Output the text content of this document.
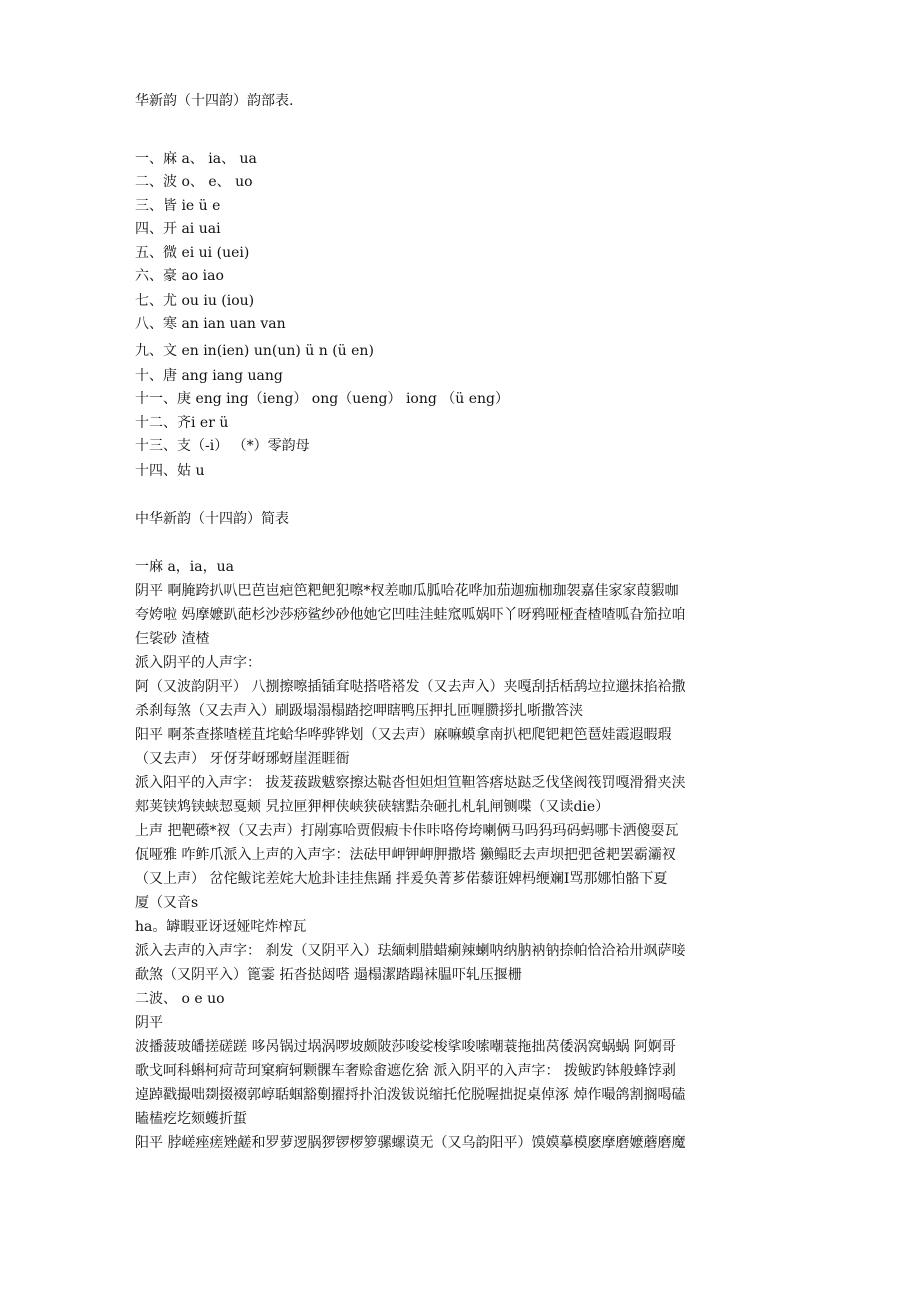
华新韵（十四韵）韵部表.
一、麻 a、 ia、 ua
二、波 o、 e、 uo
三、皆 ie ü e
四、开 ai uai
五、微 ei ui (uei)
六、豪 ao iao
七、尤 ou iu (iou)
八、寒 an ian uan van
九、文 en in(ien) un(un) ü n (ü en)
十、唐 ang iang uang
十一、庚 eng ing（ieng） ong（ueng） iong （ü eng）
十二、齐i er ü
十三、支（-i） （*）零韵母
十四、姑 u
中华新韵（十四韵）简表
一麻 a，ia，ua
阴平 啊腌跨扒叭巴芭岜疤笆粑鲃犯嚓*杈差咖瓜胍哈花哗加茄迦痂枷珈袈嘉佳家家葭貑咖
夸姱啦 妈摩嬷趴葩杉沙莎痧鲨纱砂他她它凹哇洼蛙窊呱娲吓丫呀鸦哑桠査楂喳呱旮笳拉咱
仨裟砂 渣楂
派入阴平的人声字：
阿（又波韵阴平） 八捌擦嚓插锸耷哒搭嗒褡发（又去声入）夹嘎刮括栝鸹垃拉邋抹掐袷撒
杀刹每煞（又去声入）刷趿塌溻榻踏挖呷瞎鸭压押扎匝喱臜拶扎哳撒答浃
阳平 啊茶查搽喳槎苴垞蛤华哗骅铧划（又去声）麻嘛蟆拿南扒杷爬钯耙笆琶娃霞遐暇瑕
（又去声） 牙伢芽岈琊蚜崖涯睚衙
派入阳平的入声字： 拔茇菝跋魃察擦达鞑沓怛妲炟笪靼答瘩垯跶乏伐垡阀筏罚嘎滑猾夹浃
郏荚铗鸩铗蛱恝戛颊 旯拉匣狎柙侠峡狭硖辖黠杂砸扎札轧闸铡喋（又读die）
上声 把靶礤*衩（又去声）打剐寡哈贾假瘕卡佧咔咯侉垮喇俩马吗犸玛码蚂哪卡洒傻耍瓦
佤哑雅 咋鲊爪派入上声的入声字：法砝甲岬钾岬胛撒塔 獭鳎眨去声坝把弝爸耙罢霸灞衩
（又上声） 岔侘鲅诧差姹大尬卦诖挂焦踊 拌爰奂菁芗偌藜诳婢杩缏斓I骂那娜怕骼下夏
厦（又音s
ha。罅暇亚讶迓娅咤炸榨瓦
派入去声的入声字： 刹发（又阴平入）珐緬剌腊蜡瘌辣蝲呐纳肭衲钠捺帕恰洽袷卅飒萨唼
歃煞（又阴平入）篦霎 拓沓挞闼嗒 遢榻潔踏蹋袜腽吓轧压揠栅
二波、 o e uo
阴平
波播菠玻皤搓磋蹉 哆呙锅过埚涡啰坡颇陂莎唆娑梭挲唆嗦嘲蓑拖拙莴倭涡窝蜗蜗 阿婀哥
歌戈呵科蝌柯疴苛珂窠痾轲颗髁车奢赊畬遮仡猞 派入阴平的入声字： 拨鲅趵钵般蜂饽剥
逴踔戳撮咄剟掇裰郭崞聒蝈豁劐擢捋扑泊泼钹说缩托佗脱喔拙捉桌倬涿 焯作嘬鸽割搁喝磕
瞌榼疙圪颏蠖折蜇
阳平 脖嵯痤瘥矬鹾和罗萝逻脶猡锣椤箩骡螺谟无（又乌韵阳平）馍嫫摹模麽摩磨嬷蘑磨魔
